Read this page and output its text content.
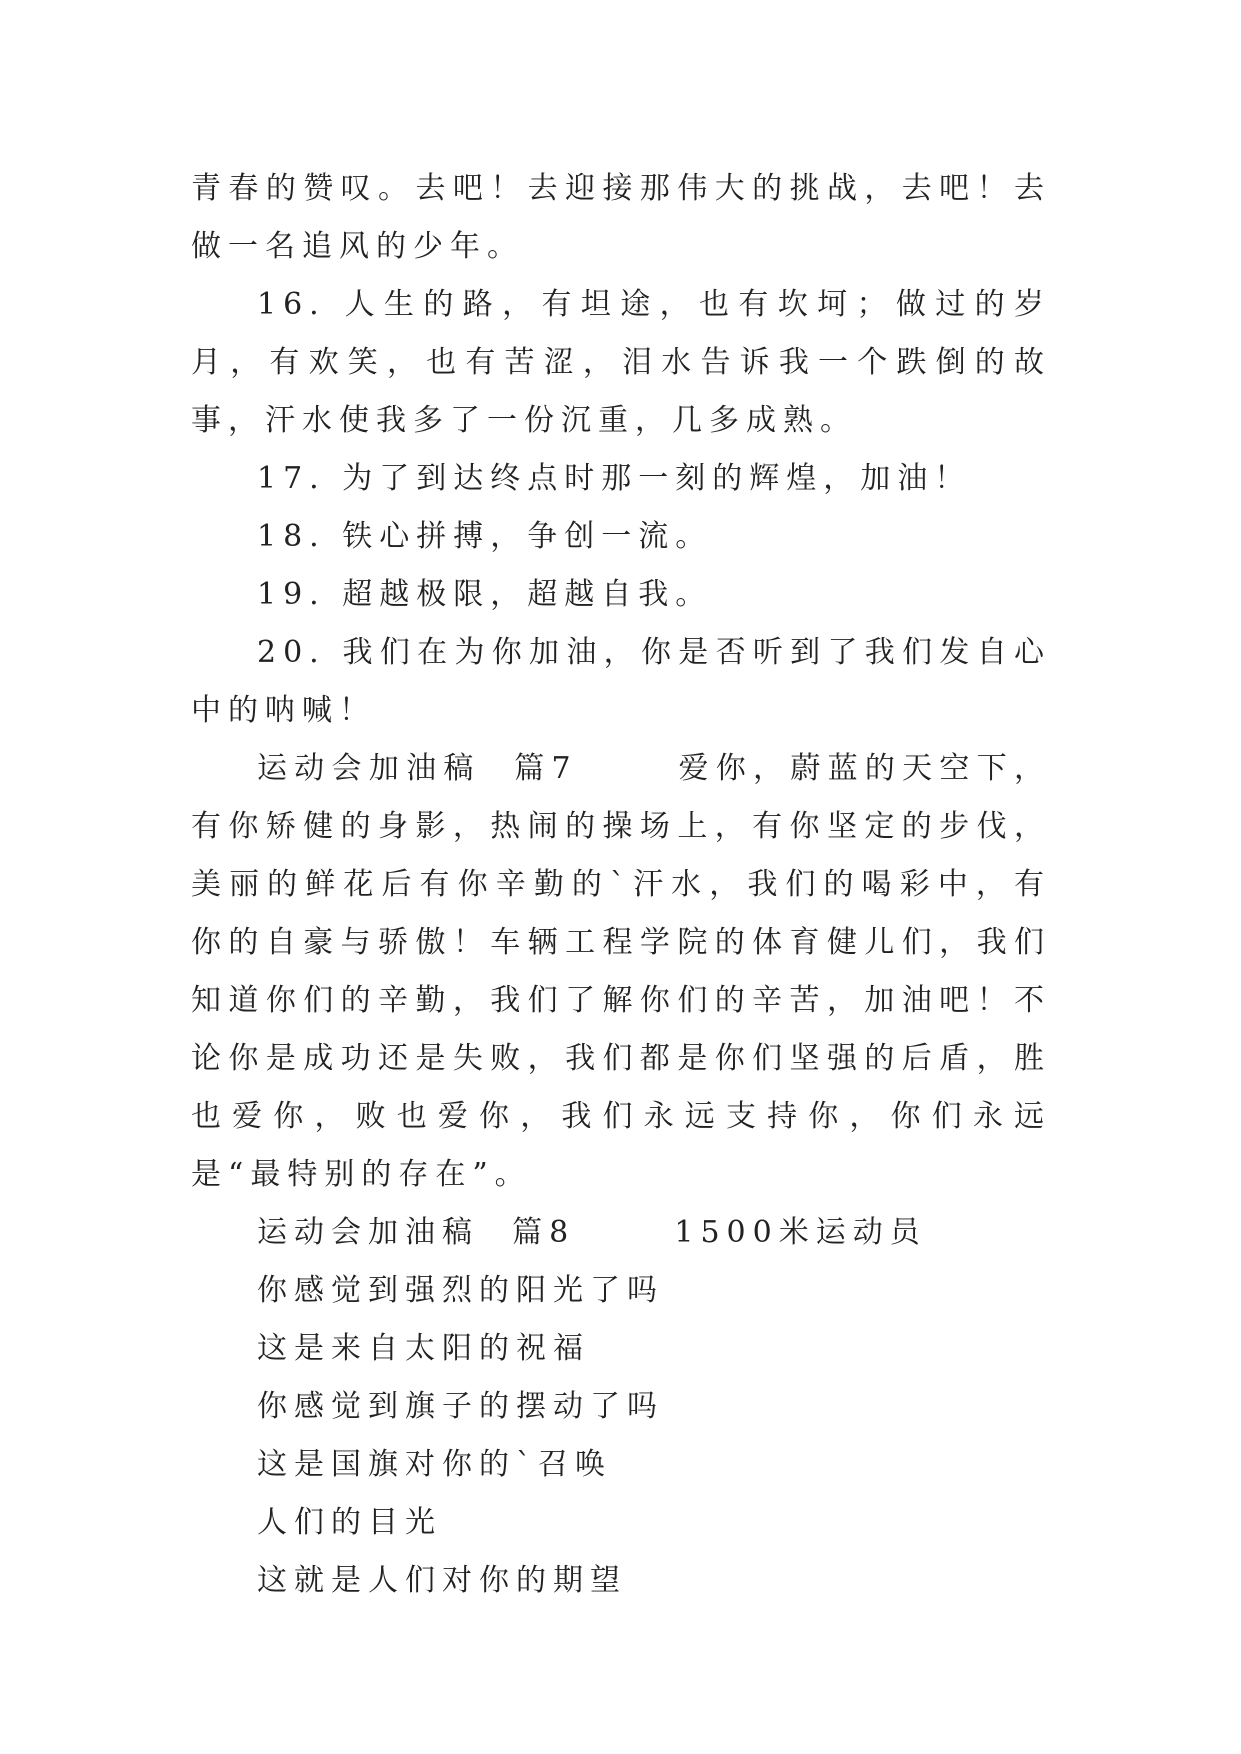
青春的赞叹。去吧！去迎接那伟大的挑战，去吧！去做一名追风的少年。

16. 人生的路，有坦途，也有坎坷；做过的岁月，有欢笑，也有苦涩，泪水告诉我一个跌倒的故事，汗水使我多了一份沉重，几多成熟。

17. 为了到达终点时那一刻的辉煌，加油！

18. 铁心拼搏，争创一流。

19. 超越极限，超越自我。

20. 我们在为你加油，你是否听到了我们发自心中的呐喊！

运动会加油稿  篇7      爱你，蔚蓝的天空下，有你矫健的身影，热闹的操场上，有你坚定的步伐，美丽的鲜花后有你辛勤的`汗水，我们的喝彩中，有你的自豪与骄傲！车辆工程学院的体育健儿们，我们知道你们的辛勤，我们了解你们的辛苦，加油吧！不论你是成功还是失败，我们都是你们坚强的后盾，胜也爱你，败也爱你，我们永远支持你，你们永远是“最特别的存在”。

运动会加油稿  篇8      1500米运动员

你感觉到强烈的阳光了吗

这是来自太阳的祝福

你感觉到旗子的摆动了吗

这是国旗对你的`召唤

人们的目光

这就是人们对你的期望
